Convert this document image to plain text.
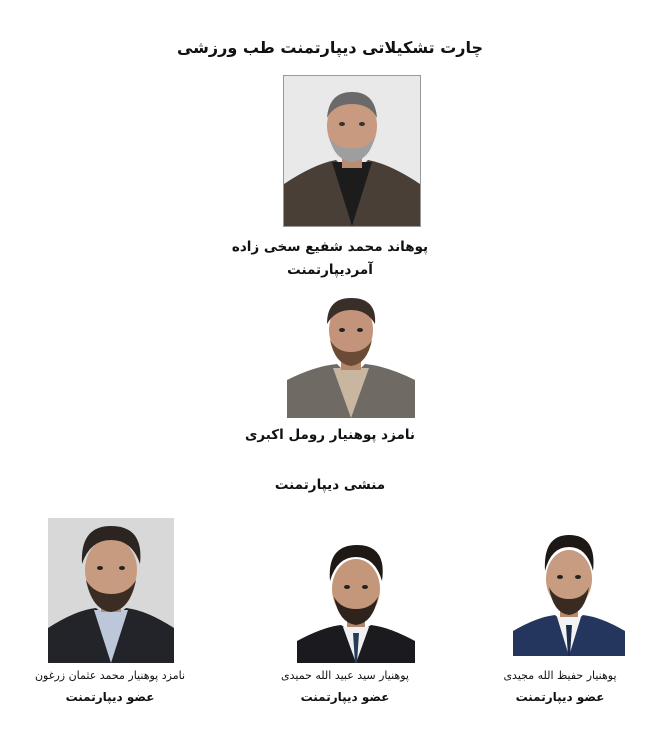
چارت تشکیلاتی دیپارتمنت طب ورزشی
پوهاند محمد شفیع سخی زاده
آمردیپارتمنت
نامزد پوهنیار رومل اکبری
منشی دیپارتمنت
نامزد پوهنیار محمد عثمان زرغون
عضو دیپارتمنت
پوهنیار سید عبید الله حمیدی
عضو دیپارتمنت
پوهنیار حفیظ الله مجیدی
عضو دیپارتمنت
